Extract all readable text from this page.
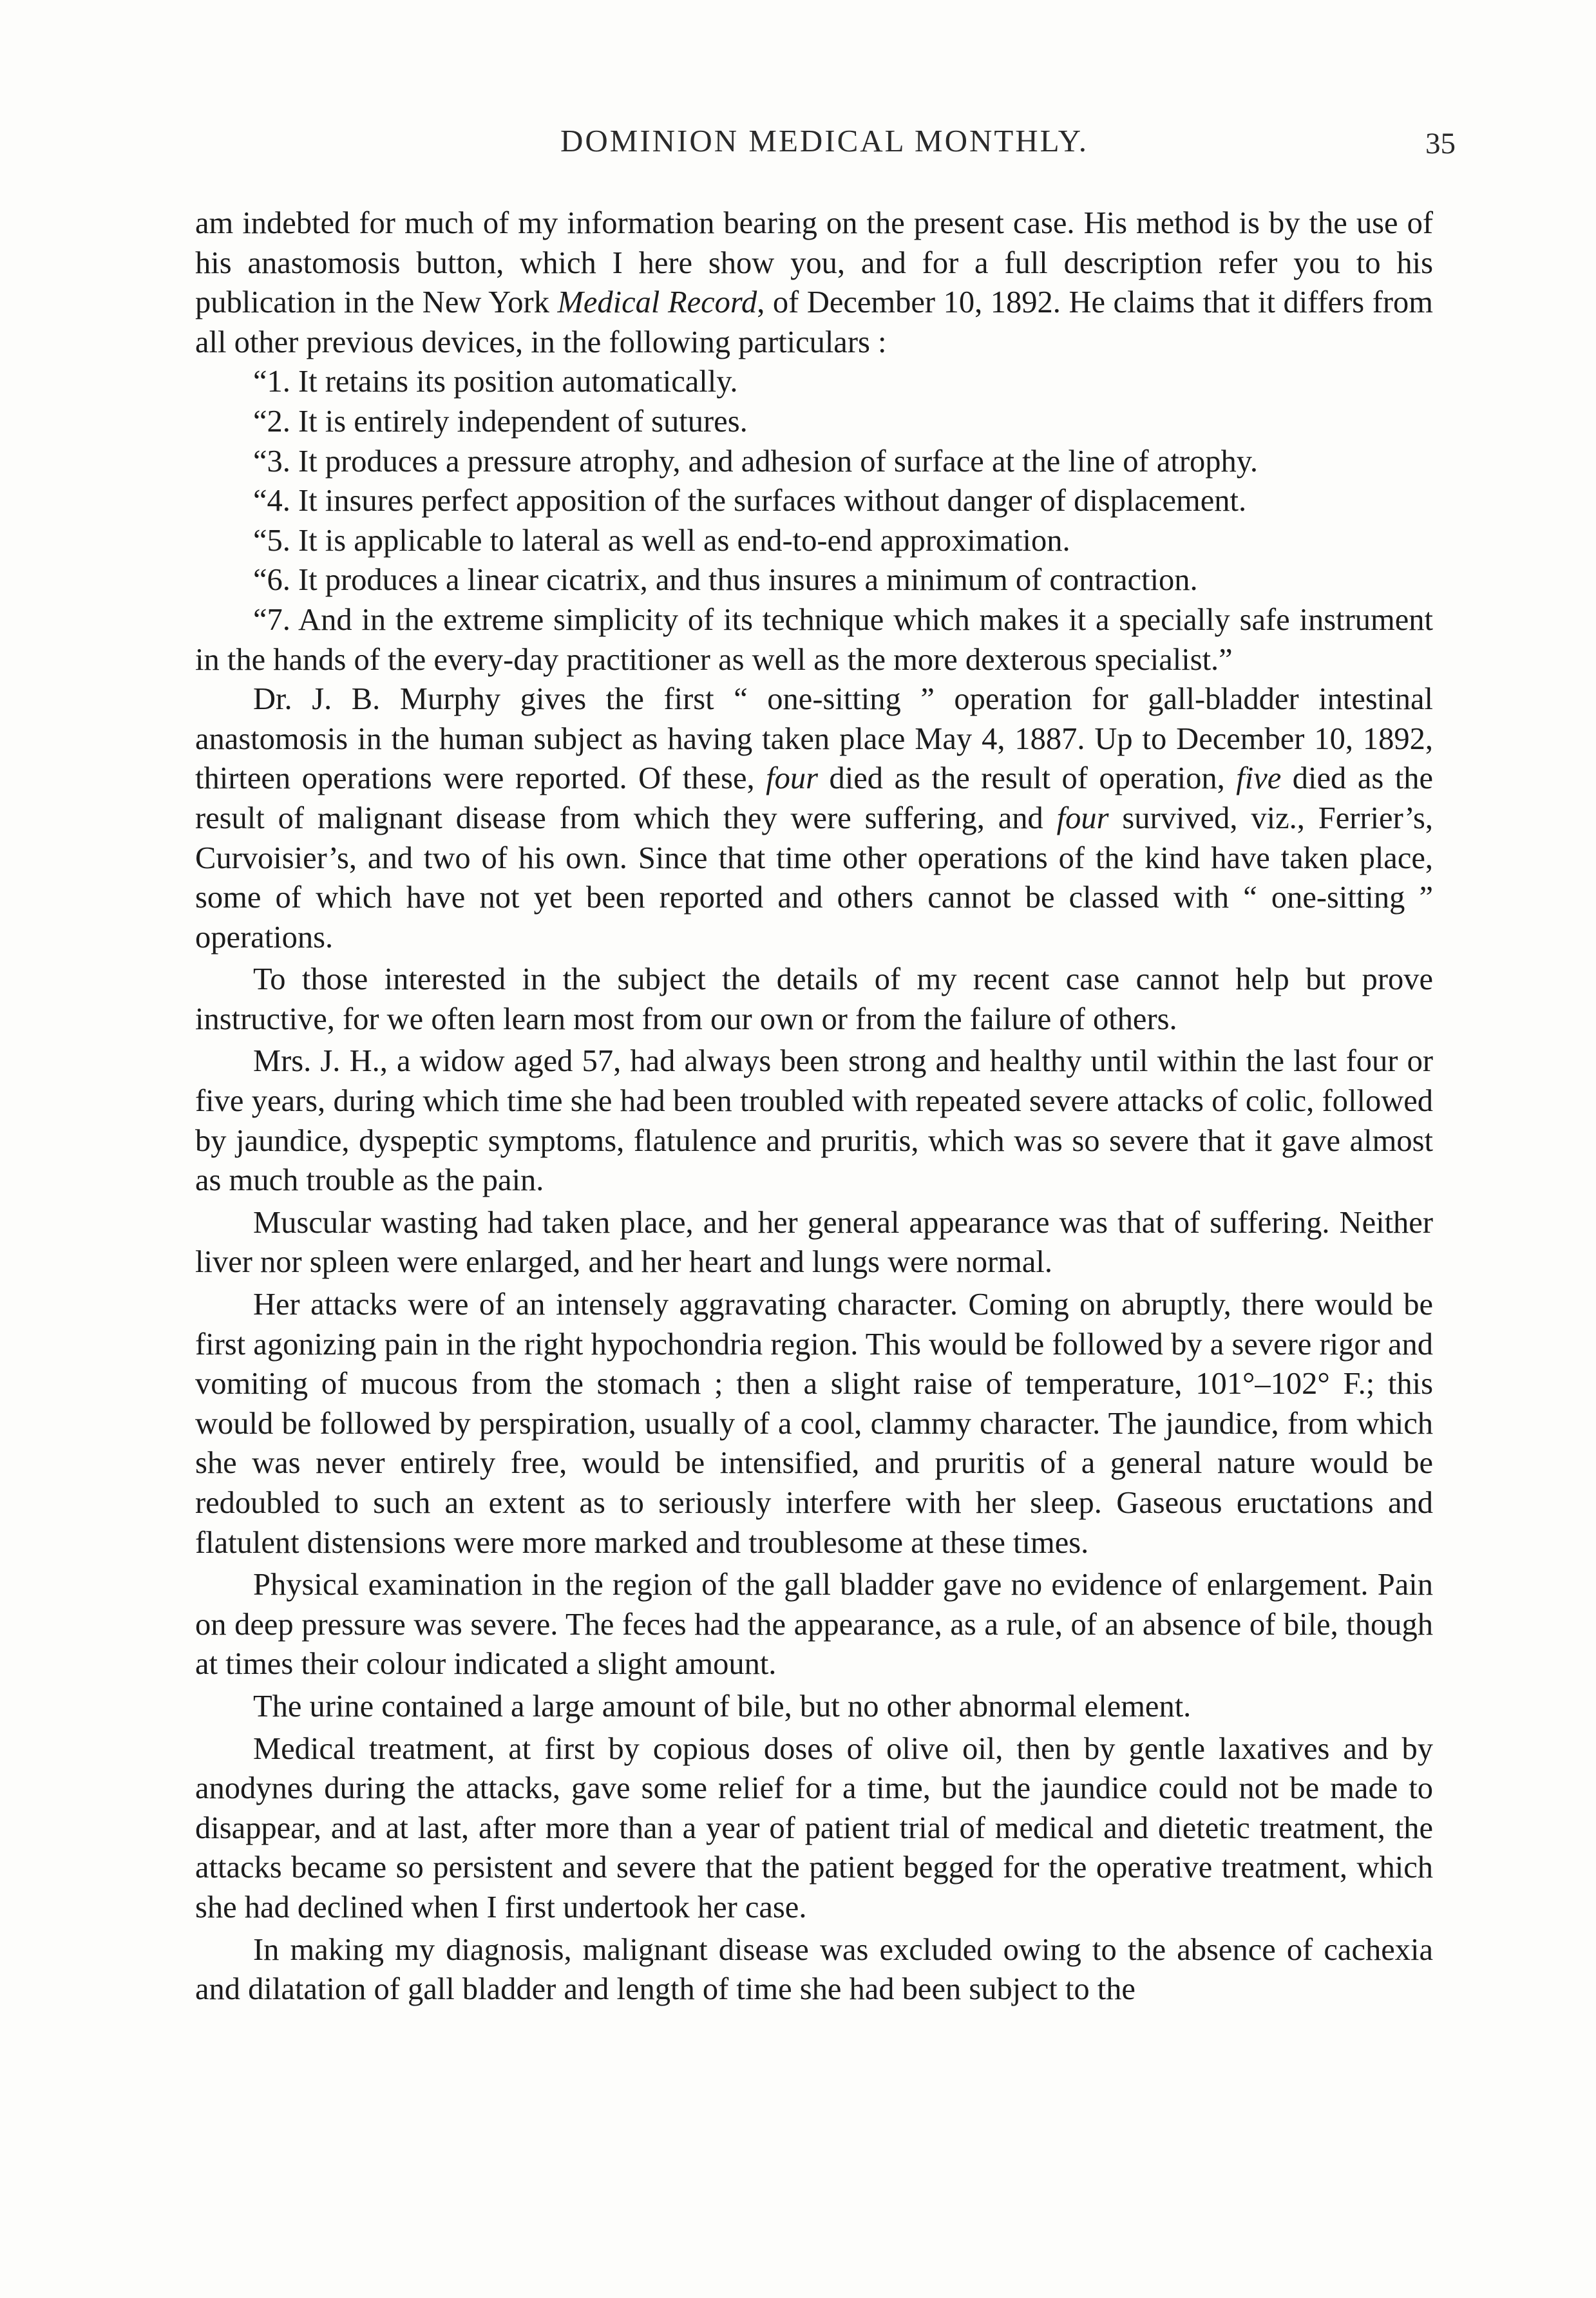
DOMINION MEDICAL MONTHLY.	35

am indebted for much of my information bearing on the present case. His method is by the use of his anastomosis button, which I here show you, and for a full description refer you to his publication in the New York Medical Record, of December 10, 1892. He claims that it differs from all other previous devices, in the following particulars :

“1. It retains its position automatically.

“2. It is entirely independent of sutures.

“3. It produces a pressure atrophy, and adhesion of surface at the line of atrophy.

“4. It insures perfect apposition of the surfaces without danger of displacement.

“5. It is applicable to lateral as well as end-to-end approximation.

“6. It produces a linear cicatrix, and thus insures a minimum of contraction.

“7. And in the extreme simplicity of its technique which makes it a specially safe instrument in the hands of the every-day practitioner as well as the more dexterous specialist.”

Dr. J. B. Murphy gives the first “ one-sitting ” operation for gall-bladder intestinal anastomosis in the human subject as having taken place May 4, 1887. Up to December 10, 1892, thirteen operations were reported. Of these, four died as the result of operation, five died as the result of malignant disease from which they were suffering, and four survived, viz., Ferrier’s, Curvoisier’s, and two of his own. Since that time other operations of the kind have taken place, some of which have not yet been reported and others cannot be classed with “ one-sitting ” operations.

To those interested in the subject the details of my recent case cannot help but prove instructive, for we often learn most from our own or from the failure of others.

Mrs. J. H., a widow aged 57, had always been strong and healthy until within the last four or five years, during which time she had been troubled with repeated severe attacks of colic, followed by jaundice, dyspeptic symptoms, flatulence and pruritis, which was so severe that it gave almost as much trouble as the pain.

Muscular wasting had taken place, and her general appearance was that of suffering. Neither liver nor spleen were enlarged, and her heart and lungs were normal.

Her attacks were of an intensely aggravating character. Coming on abruptly, there would be first agonizing pain in the right hypochondria region. This would be followed by a severe rigor and vomiting of mucous from the stomach ; then a slight raise of temperature, 101°–102° F.; this would be followed by perspiration, usually of a cool, clammy character. The jaundice, from which she was never entirely free, would be intensified, and pruritis of a general nature would be redoubled to such an extent as to seriously interfere with her sleep. Gaseous eructations and flatulent distensions were more marked and troublesome at these times.

Physical examination in the region of the gall bladder gave no evidence of enlargement. Pain on deep pressure was severe. The feces had the appearance, as a rule, of an absence of bile, though at times their colour indicated a slight amount.

The urine contained a large amount of bile, but no other abnormal element.

Medical treatment, at first by copious doses of olive oil, then by gentle laxatives and by anodynes during the attacks, gave some relief for a time, but the jaundice could not be made to disappear, and at last, after more than a year of patient trial of medical and dietetic treatment, the attacks became so persistent and severe that the patient begged for the operative treatment, which she had declined when I first undertook her case.

In making my diagnosis, malignant disease was excluded owing to the absence of cachexia and dilatation of gall bladder and length of time she had been subject to the
